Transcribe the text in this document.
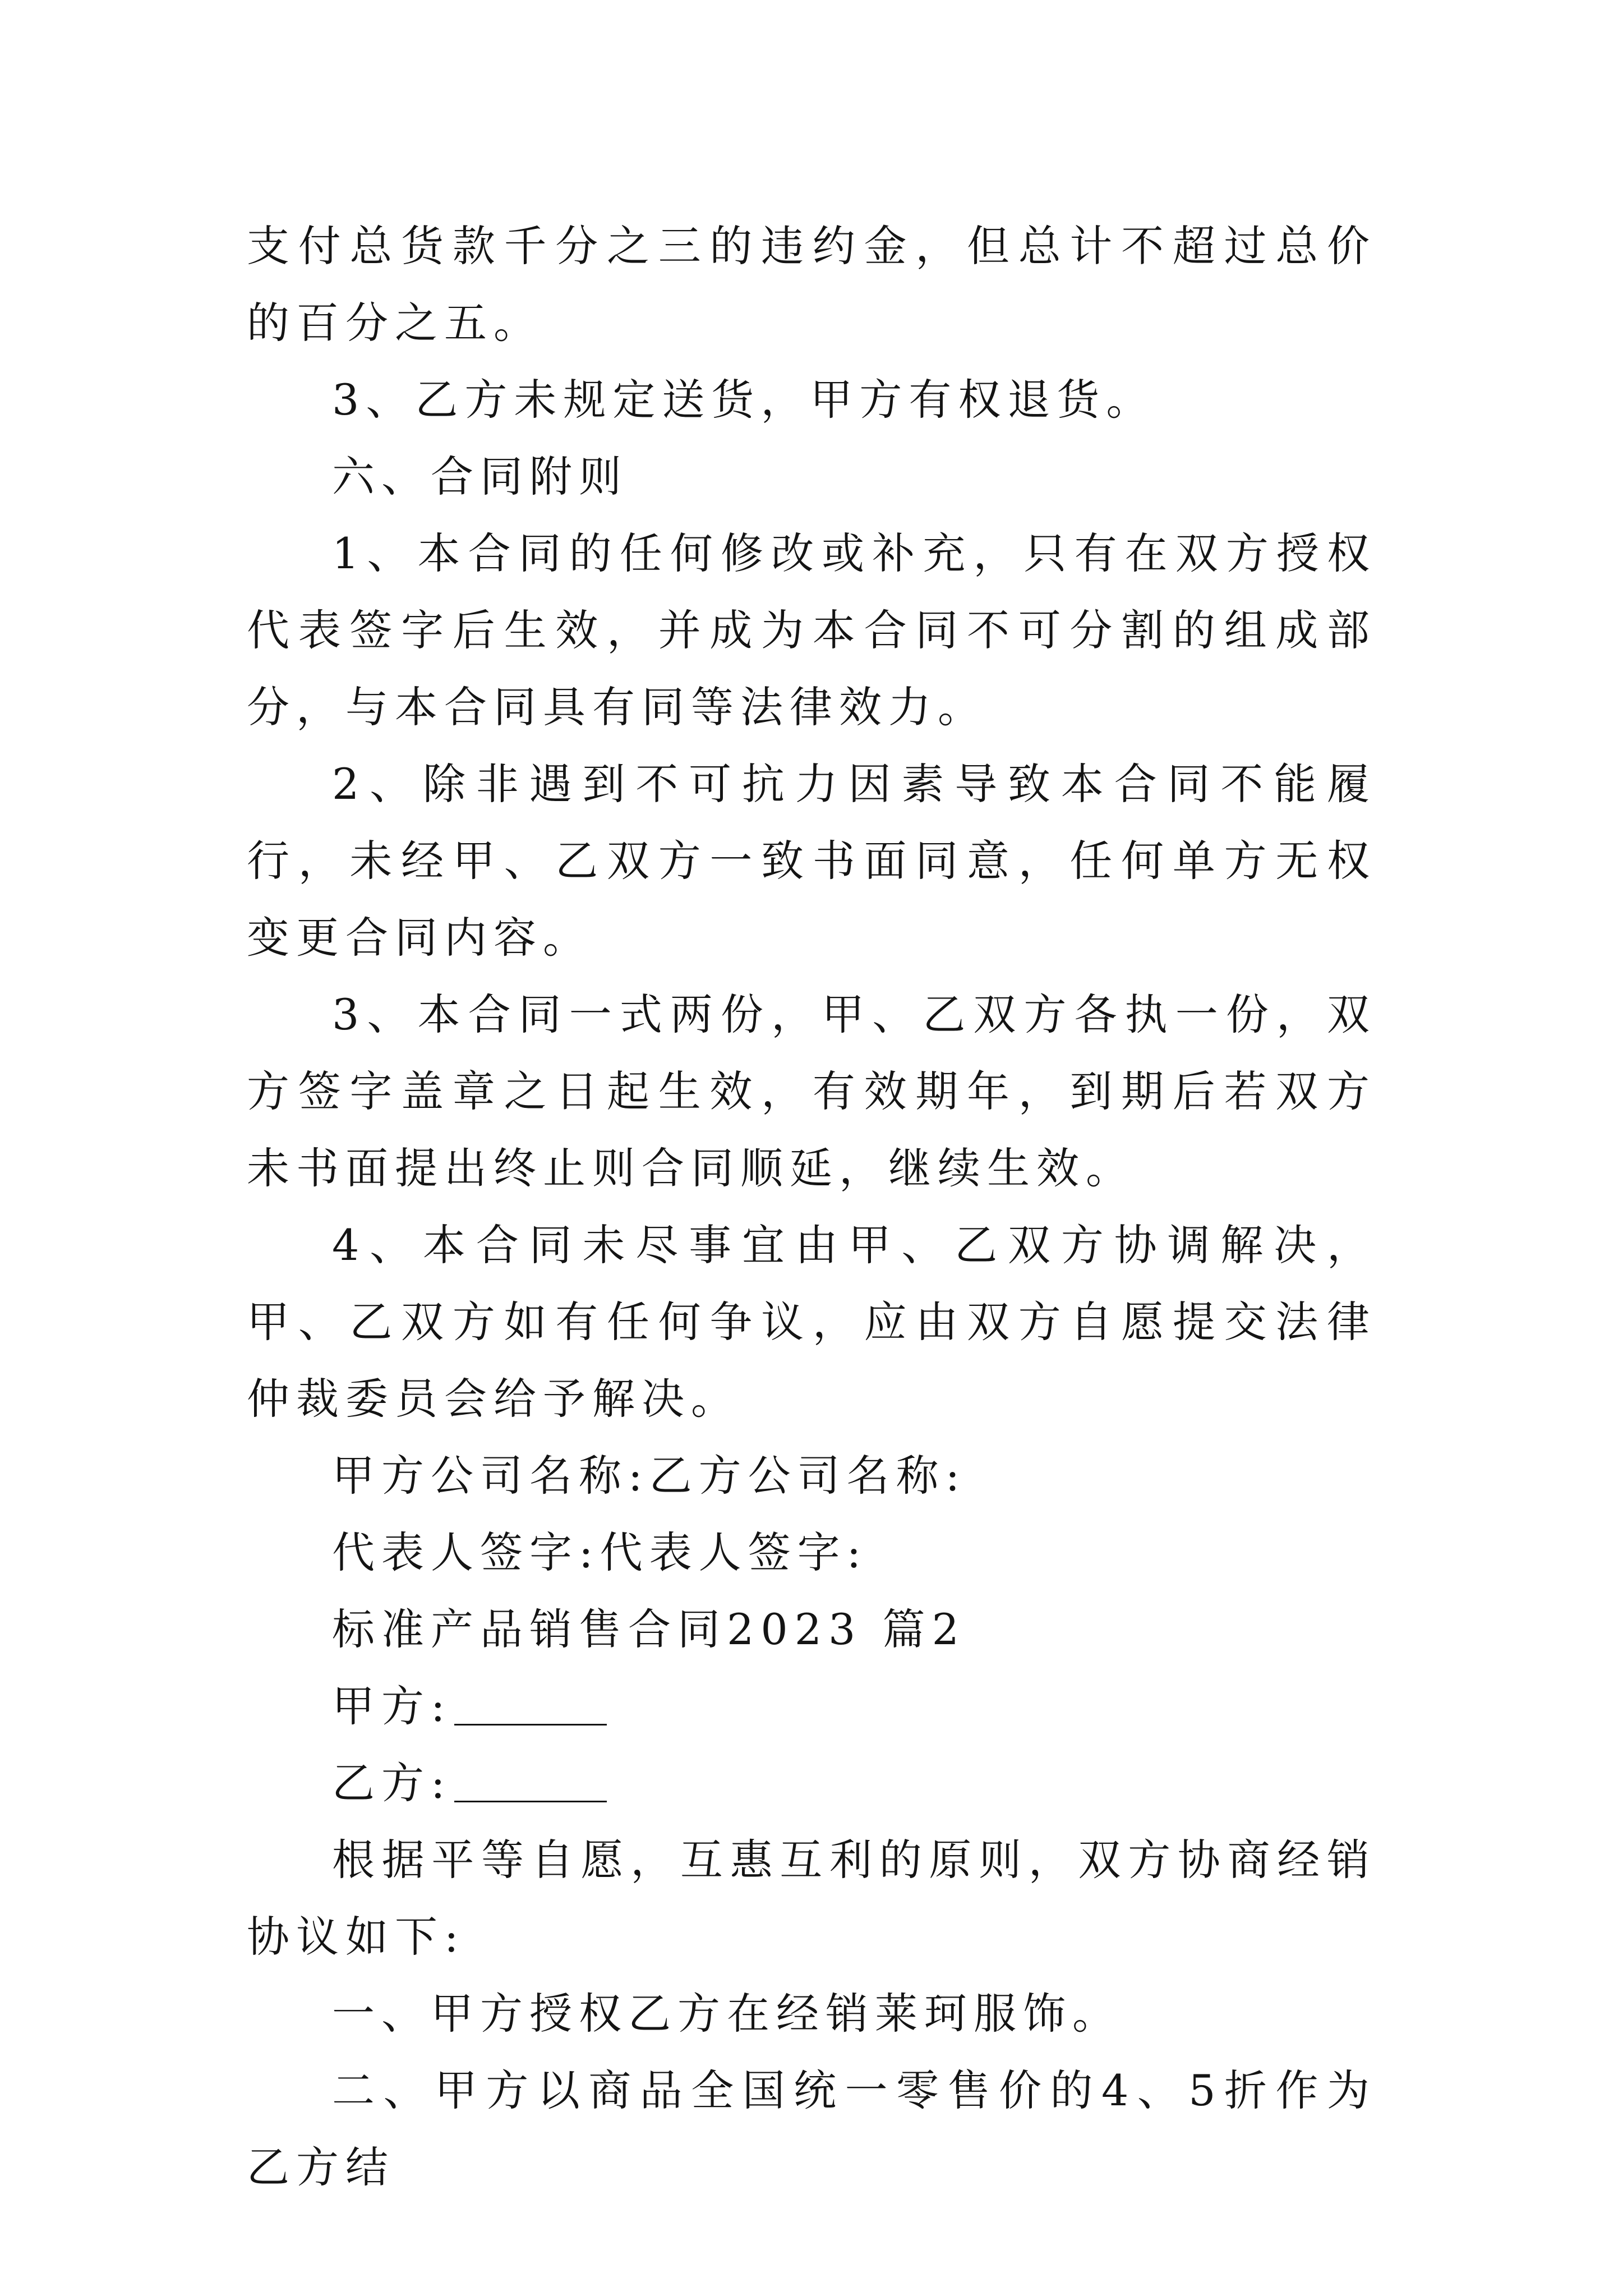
支付总货款千分之三的违约金，但总计不超过总价的百分之五。

3、乙方未规定送货，甲方有权退货。

六、合同附则

1、本合同的任何修改或补充，只有在双方授权代表签字后生效，并成为本合同不可分割的组成部分，与本合同具有同等法律效力。

2、除非遇到不可抗力因素导致本合同不能履行，未经甲、乙双方一致书面同意，任何单方无权变更合同内容。

3、本合同一式两份，甲、乙双方各执一份，双方签字盖章之日起生效，有效期年，到期后若双方未书面提出终止则合同顺延，继续生效。

4、本合同未尽事宜由甲、乙双方协调解决，甲、乙双方如有任何争议，应由双方自愿提交法律仲裁委员会给予解决。

甲方公司名称:乙方公司名称:

代表人签字:代表人签字:

标准产品销售合同2023 篇2

甲方:

乙方:

根据平等自愿，互惠互利的原则，双方协商经销协议如下:

一、甲方授权乙方在经销莱珂服饰。

二、甲方以商品全国统一零售价的4、5折作为乙方结
